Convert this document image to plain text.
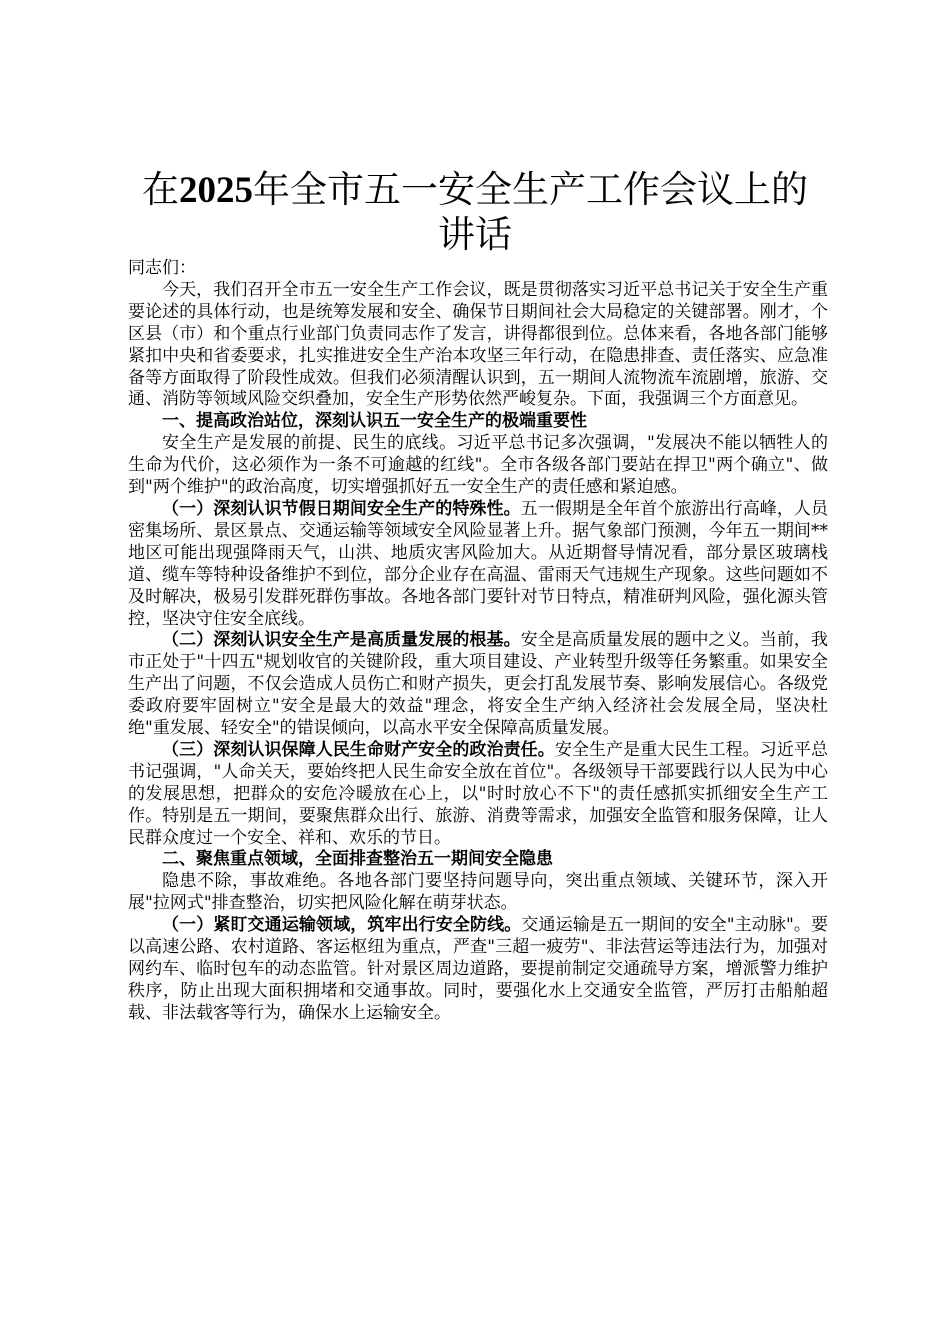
在2025年全市五一安全生产工作会议上的讲话

同志们：

今天，我们召开全市五一安全生产工作会议，既是贯彻落实习近平总书记关于安全生产重要论述的具体行动，也是统筹发展和安全、确保节日期间社会大局稳定的关键部署。刚才，个区县（市）和个重点行业部门负责同志作了发言，讲得都很到位。总体来看，各地各部门能够紧扣中央和省委要求，扎实推进安全生产治本攻坚三年行动，在隐患排查、责任落实、应急准备等方面取得了阶段性成效。但我们必须清醒认识到，五一期间人流物流车流剧增，旅游、交通、消防等领域风险交织叠加，安全生产形势依然严峻复杂。下面，我强调三个方面意见。

一、提高政治站位，深刻认识五一安全生产的极端重要性

安全生产是发展的前提、民生的底线。习近平总书记多次强调，"发展决不能以牺牲人的生命为代价，这必须作为一条不可逾越的红线"。全市各级各部门要站在捍卫"两个确立"、做到"两个维护"的政治高度，切实增强抓好五一安全生产的责任感和紧迫感。

（一）深刻认识节假日期间安全生产的特殊性。五一假期是全年首个旅游出行高峰，人员密集场所、景区景点、交通运输等领域安全风险显著上升。据气象部门预测，今年五一期间**地区可能出现强降雨天气，山洪、地质灾害风险加大。从近期督导情况看，部分景区玻璃栈道、缆车等特种设备维护不到位，部分企业存在高温、雷雨天气违规生产现象。这些问题如不及时解决，极易引发群死群伤事故。各地各部门要针对节日特点，精准研判风险，强化源头管控，坚决守住安全底线。

（二）深刻认识安全生产是高质量发展的根基。安全是高质量发展的题中之义。当前，我市正处于"十四五"规划收官的关键阶段，重大项目建设、产业转型升级等任务繁重。如果安全生产出了问题，不仅会造成人员伤亡和财产损失，更会打乱发展节奏、影响发展信心。各级党委政府要牢固树立"安全是最大的效益"理念，将安全生产纳入经济社会发展全局，坚决杜绝"重发展、轻安全"的错误倾向，以高水平安全保障高质量发展。

（三）深刻认识保障人民生命财产安全的政治责任。安全生产是重大民生工程。习近平总书记强调，"人命关天，要始终把人民生命安全放在首位"。各级领导干部要践行以人民为中心的发展思想，把群众的安危冷暖放在心上，以"时时放心不下"的责任感抓实抓细安全生产工作。特别是五一期间，要聚焦群众出行、旅游、消费等需求，加强安全监管和服务保障，让人民群众度过一个安全、祥和、欢乐的节日。

二、聚焦重点领域，全面排查整治五一期间安全隐患

隐患不除，事故难绝。各地各部门要坚持问题导向，突出重点领域、关键环节，深入开展"拉网式"排查整治，切实把风险化解在萌芽状态。

（一）紧盯交通运输领域，筑牢出行安全防线。交通运输是五一期间的安全"主动脉"。要以高速公路、农村道路、客运枢纽为重点，严查"三超一疲劳"、非法营运等违法行为，加强对网约车、临时包车的动态监管。针对景区周边道路，要提前制定交通疏导方案，增派警力维护秩序，防止出现大面积拥堵和交通事故。同时，要强化水上交通安全监管，严厉打击船舶超载、非法载客等行为，确保水上运输安全。
